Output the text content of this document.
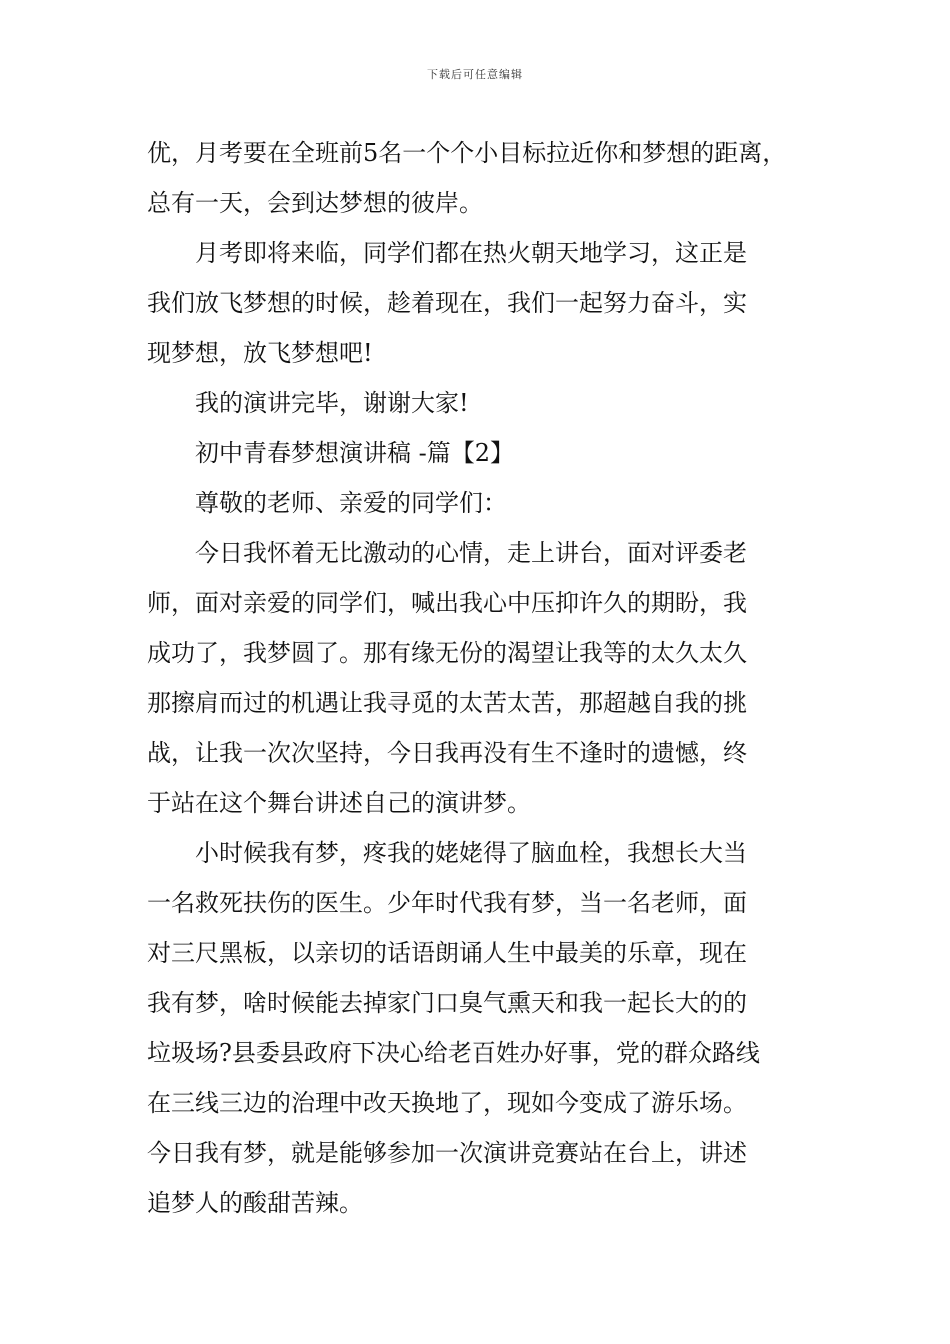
下载后可任意编辑
优，月考要在全班前5名一个个小目标拉近你和梦想的距离，
总有一天，会到达梦想的彼岸。
月考即将来临，同学们都在热火朝天地学习，这正是
我们放飞梦想的时候，趁着现在，我们一起努力奋斗，实
现梦想，放飞梦想吧!
我的演讲完毕，谢谢大家!
初中青春梦想演讲稿 -篇【2】
尊敬的老师、亲爱的同学们：
今日我怀着无比激动的心情，走上讲台，面对评委老
师，面对亲爱的同学们，喊出我心中压抑许久的期盼，我
成功了，我梦圆了。那有缘无份的渴望让我等的太久太久
那擦肩而过的机遇让我寻觅的太苦太苦，那超越自我的挑
战，让我一次次坚持，今日我再没有生不逢时的遗憾，终
于站在这个舞台讲述自己的演讲梦。
小时候我有梦，疼我的姥姥得了脑血栓，我想长大当
一名救死扶伤的医生。少年时代我有梦，当一名老师，面
对三尺黑板，以亲切的话语朗诵人生中最美的乐章，现在
我有梦，啥时候能去掉家门口臭气熏天和我一起长大的的
垃圾场?县委县政府下决心给老百姓办好事，党的群众路线
在三线三边的治理中改天换地了，现如今变成了游乐场。
今日我有梦，就是能够参加一次演讲竞赛站在台上，讲述
追梦人的酸甜苦辣。
